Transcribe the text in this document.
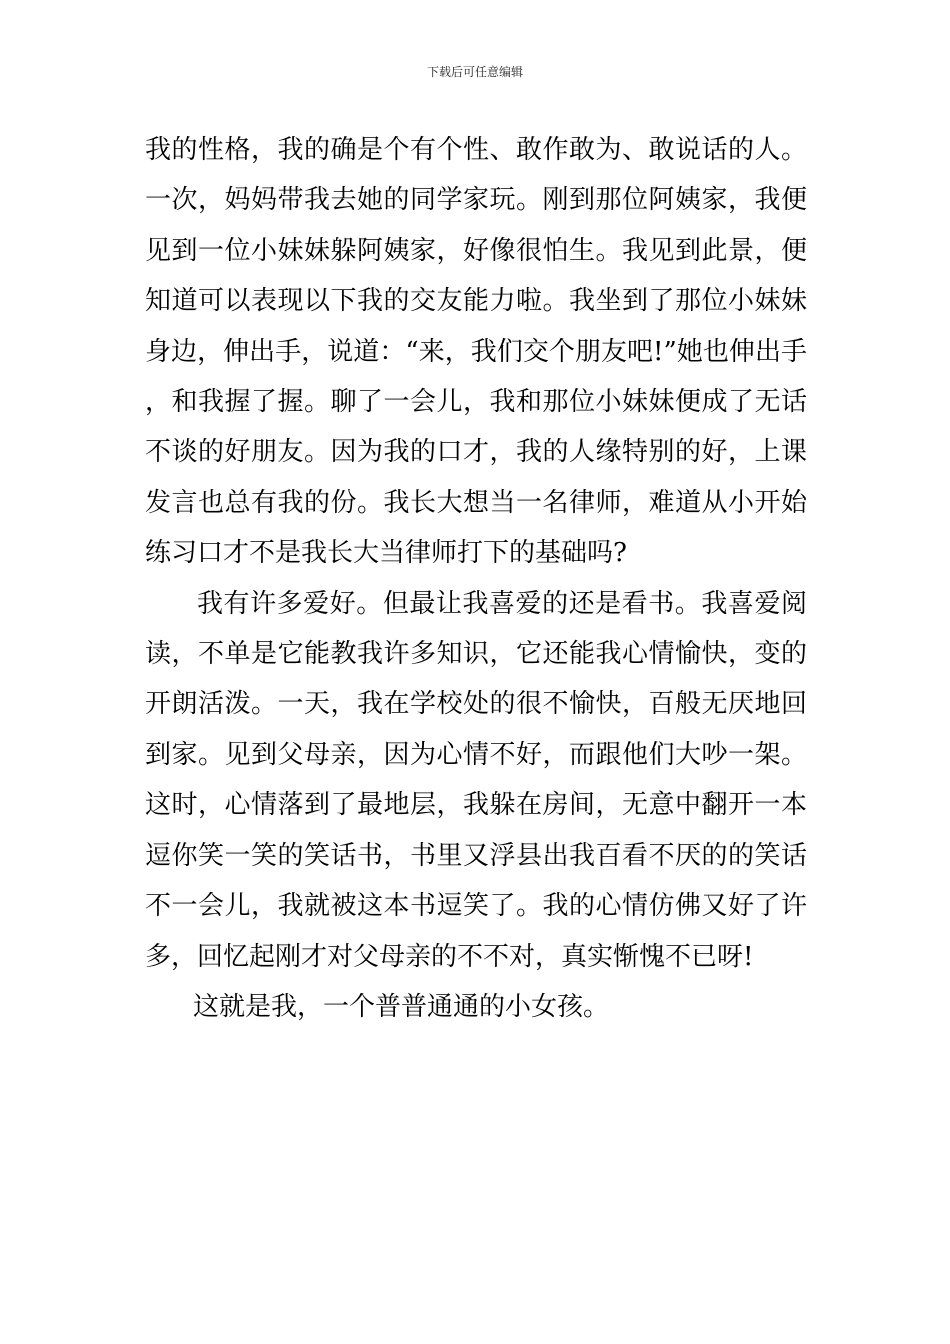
下载后可任意编辑

我的性格，我的确是个有个性、敢作敢为、敢说话的人。一次，妈妈带我去她的同学家玩。刚到那位阿姨家，我便见到一位小妹妹躲阿姨家，好像很怕生。我见到此景，便知道可以表现以下我的交友能力啦。我坐到了那位小妹妹身边，伸出手，说道：“来，我们交个朋友吧!”她也伸出手，和我握了握。聊了一会儿，我和那位小妹妹便成了无话不谈的好朋友。因为我的口才，我的人缘特别的好，上课发言也总有我的份。我长大想当一名律师，难道从小开始练习口才不是我长大当律师打下的基础吗?

我有许多爱好。但最让我喜爱的还是看书。我喜爱阅读，不单是它能教我许多知识，它还能我心情愉快，变的开朗活泼。一天，我在学校处的很不愉快，百般无厌地回到家。见到父母亲，因为心情不好，而跟他们大吵一架。这时，心情落到了最地层，我躲在房间，无意中翻开一本逗你笑一笑的笑话书，书里又浮县出我百看不厌的的笑话不一会儿，我就被这本书逗笑了。我的心情仿佛又好了许多，回忆起刚才对父母亲的不不对，真实惭愧不已呀!

这就是我，一个普普通通的小女孩。
